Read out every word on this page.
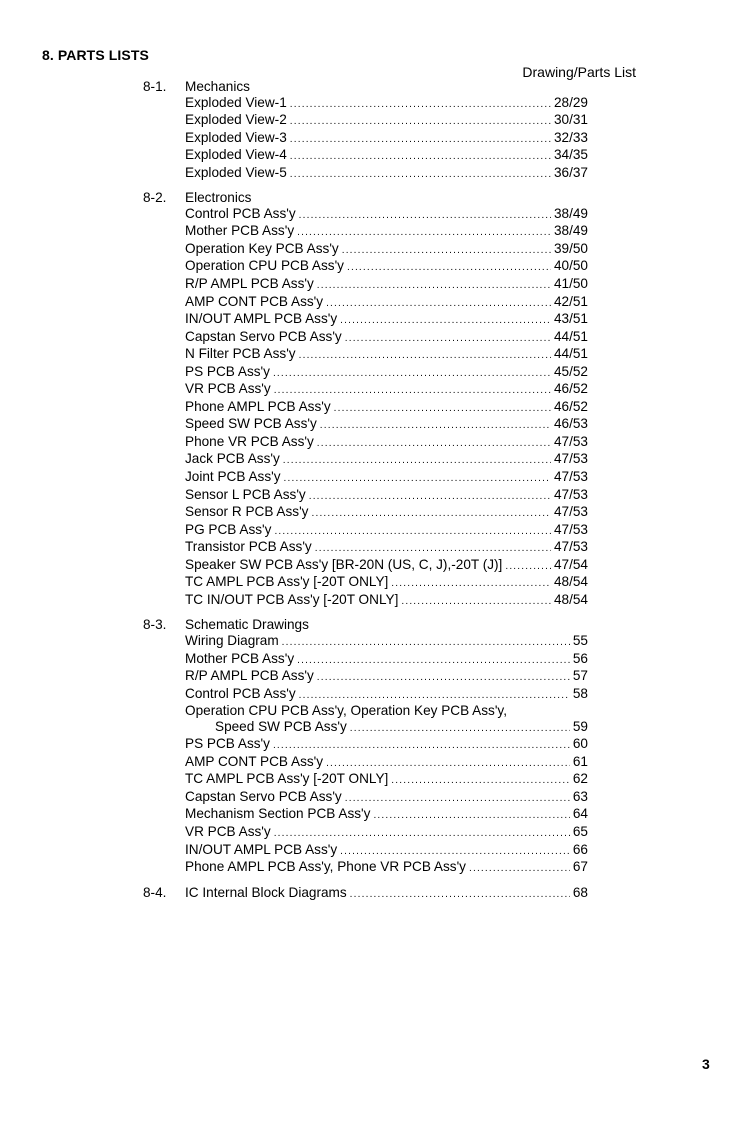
8. PARTS LISTS
Drawing/Parts List
8-1. Mechanics
Exploded View-1 .....	28/29
Exploded View-2 .....	30/31
Exploded View-3 .....	32/33
Exploded View-4 .....	34/35
Exploded View-5 .....	36/37
8-2. Electronics
Control PCB Ass'y .....	38/49
Mother PCB Ass'y .....	38/49
Operation Key PCB Ass'y .....	39/50
Operation CPU PCB Ass'y .....	40/50
R/P AMPL PCB Ass'y .....	41/50
AMP CONT PCB Ass'y .....	42/51
IN/OUT AMPL PCB Ass'y .....	43/51
Capstan Servo PCB Ass'y .....	44/51
N Filter PCB Ass'y .....	44/51
PS PCB Ass'y .....	45/52
VR PCB Ass'y .....	46/52
Phone AMPL PCB Ass'y .....	46/52
Speed SW PCB Ass'y .....	46/53
Phone VR PCB Ass'y .....	47/53
Jack PCB Ass'y .....	47/53
Joint PCB Ass'y .....	47/53
Sensor L PCB Ass'y .....	47/53
Sensor R PCB Ass'y .....	47/53
PG PCB Ass'y .....	47/53
Transistor PCB Ass'y .....	47/53
Speaker SW PCB Ass'y [BR-20N (US, C, J),-20T (J)] .....	47/54
TC AMPL PCB Ass'y [-20T ONLY] .....	48/54
TC IN/OUT PCB Ass'y [-20T ONLY] .....	48/54
8-3. Schematic Drawings
Wiring Diagram .....	55
Mother PCB Ass'y .....	56
R/P AMPL PCB Ass'y .....	57
Control PCB Ass'y .....	58
Operation CPU PCB Ass'y, Operation Key PCB Ass'y,
Speed SW PCB Ass'y .....	59
PS PCB Ass'y .....	60
AMP CONT PCB Ass'y .....	61
TC AMPL PCB Ass'y [-20T ONLY] .....	62
Capstan Servo PCB Ass'y .....	63
Mechanism Section PCB Ass'y .....	64
VR PCB Ass'y .....	65
IN/OUT AMPL PCB Ass'y .....	66
Phone AMPL PCB Ass'y, Phone VR PCB Ass'y .....	67
8-4. IC Internal Block Diagrams .....	68
3
